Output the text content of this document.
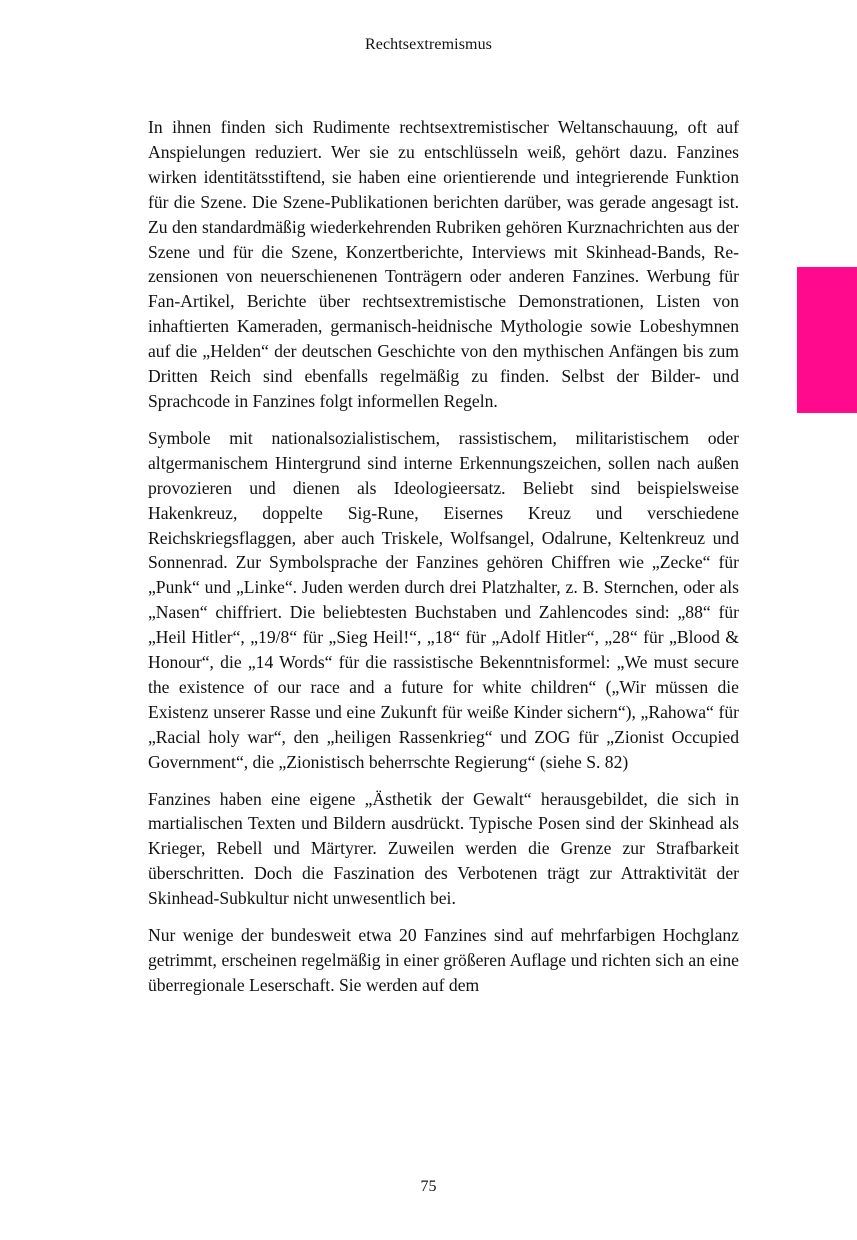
Rechtsextremismus

In ihnen finden sich Rudimente rechtsextremistischer Weltanschauung, oft auf Anspielungen reduziert. Wer sie zu entschlüsseln weiß, gehört dazu. Fanzines wirken identitätsstiftend, sie haben eine orientierende und integrierende Funktion für die Szene. Die Szene-Publikationen berichten darüber, was gerade angesagt ist. Zu den standardmäßig wiederkehrenden Rubriken gehören Kurznachrichten aus der Szene und für die Szene, Konzertberichte, Interviews mit Skinhead-Bands, Rezensionen von neuerschienenen Tonträgern oder anderen Fanzines. Werbung für Fan-Artikel, Berichte über rechtsextremistische Demonstrationen, Listen von inhaftierten Kameraden, germanisch-heidnische Mythologie sowie Lobeshymnen auf die „Helden“ der deutschen Geschichte von den mythischen Anfängen bis zum Dritten Reich sind ebenfalls regelmäßig zu finden. Selbst der Bilder- und Sprachcode in Fanzines folgt informellen Regeln.

Symbole mit nationalsozialistischem, rassistischem, militaristischem oder altgermanischem Hintergrund sind interne Erkennungszeichen, sollen nach außen provozieren und dienen als Ideologieersatz. Beliebt sind beispielsweise Hakenkreuz, doppelte Sig-Rune, Eisernes Kreuz und verschiedene Reichskriegsflaggen, aber auch Triskele, Wolfsangel, Odalrune, Keltenkreuz und Sonnenrad. Zur Symbolsprache der Fanzines gehören Chiffren wie „Zecke“ für „Punk“ und „Linke“. Juden werden durch drei Platzhalter, z. B. Sternchen, oder als „Nasen“ chiffriert. Die beliebtesten Buchstaben und Zahlencodes sind: „88“ für „Heil Hitler“, „19/8“ für „Sieg Heil!“, „18“ für „Adolf Hitler“, „28“ für „Blood & Honour“, die „14 Words“ für die rassistische Bekenntnisformel: „We must secure the existence of our race and a future for white children“ („Wir müssen die Existenz unserer Rasse und eine Zukunft für weiße Kinder sichern“), „Rahowa“ für „Racial holy war“, den „heiligen Rassenkrieg“ und ZOG für „Zionist Occupied Government“, die „Zionistisch beherrschte Regierung“ (siehe S. 82)

Fanzines haben eine eigene „Ästhetik der Gewalt“ herausgebildet, die sich in martialischen Texten und Bildern ausdrückt. Typische Posen sind der Skinhead als Krieger, Rebell und Märtyrer. Zuweilen werden die Grenze zur Strafbarkeit überschritten. Doch die Faszination des Verbotenen trägt zur Attraktivität der Skinhead-Subkultur nicht unwesentlich bei.

Nur wenige der bundesweit etwa 20 Fanzines sind auf mehrfarbigen Hochglanz getrimmt, erscheinen regelmäßig in einer größeren Auflage und richten sich an eine überregionale Leserschaft. Sie werden auf dem

75
